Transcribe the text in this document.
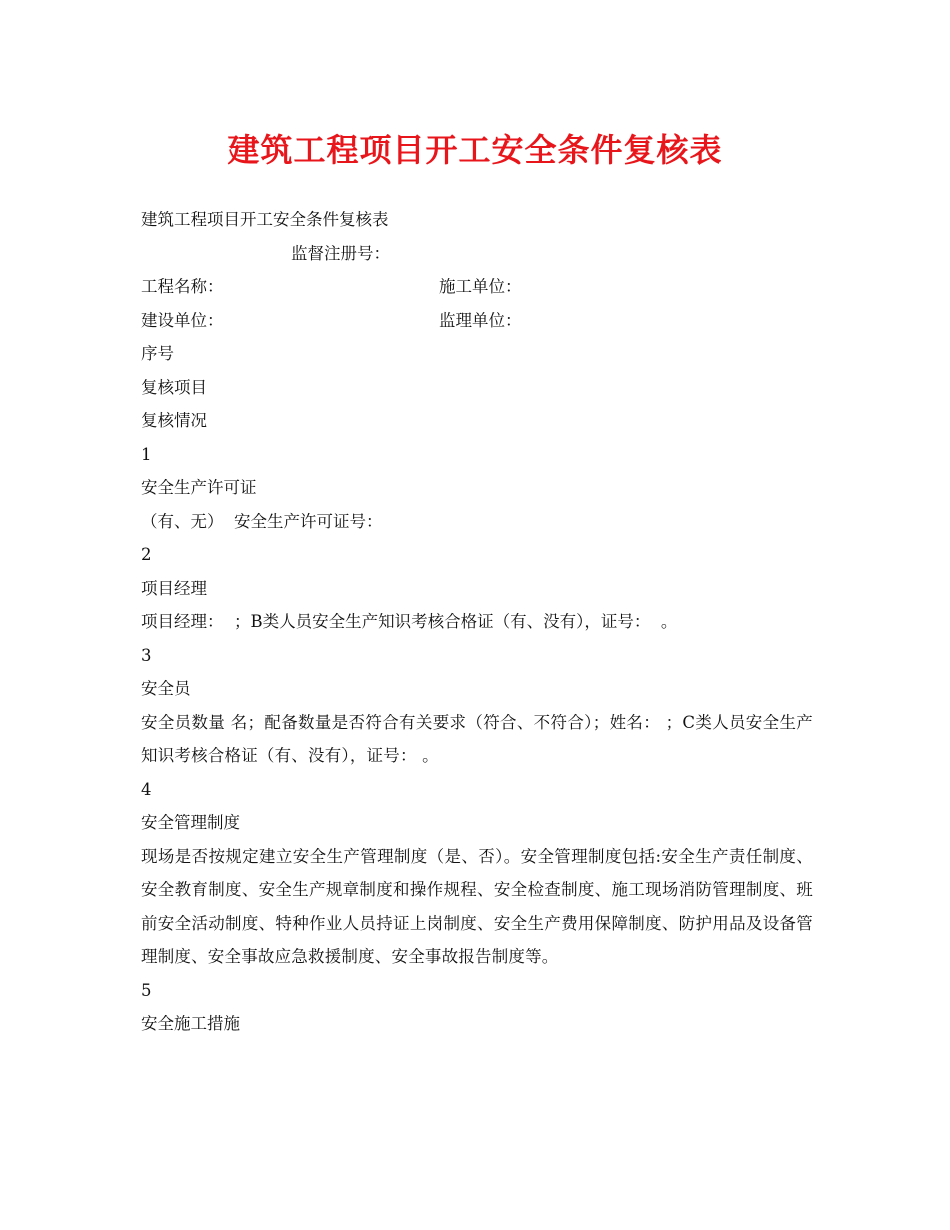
建筑工程项目开工安全条件复核表
建筑工程项目开工安全条件复核表
监督注册号：
工程名称：	施工单位：
建设单位：	监理单位：
序号
复核项目
复核情况
1
安全生产许可证
（有、无）  安全生产许可证号：
2
项目经理
项目经理：  ；B类人员安全生产知识考核合格证（有、没有），证号：  。
3
安全员
安全员数量 名；配备数量是否符合有关要求（符合、不符合）；姓名： ；C类人员安全生产知识考核合格证（有、没有），证号： 。
4
安全管理制度
现场是否按规定建立安全生产管理制度（是、否）。安全管理制度包括:安全生产责任制度、安全教育制度、安全生产规章制度和操作规程、安全检查制度、施工现场消防管理制度、班前安全活动制度、特种作业人员持证上岗制度、安全生产费用保障制度、防护用品及设备管理制度、安全事故应急救援制度、安全事故报告制度等。
5
安全施工措施
